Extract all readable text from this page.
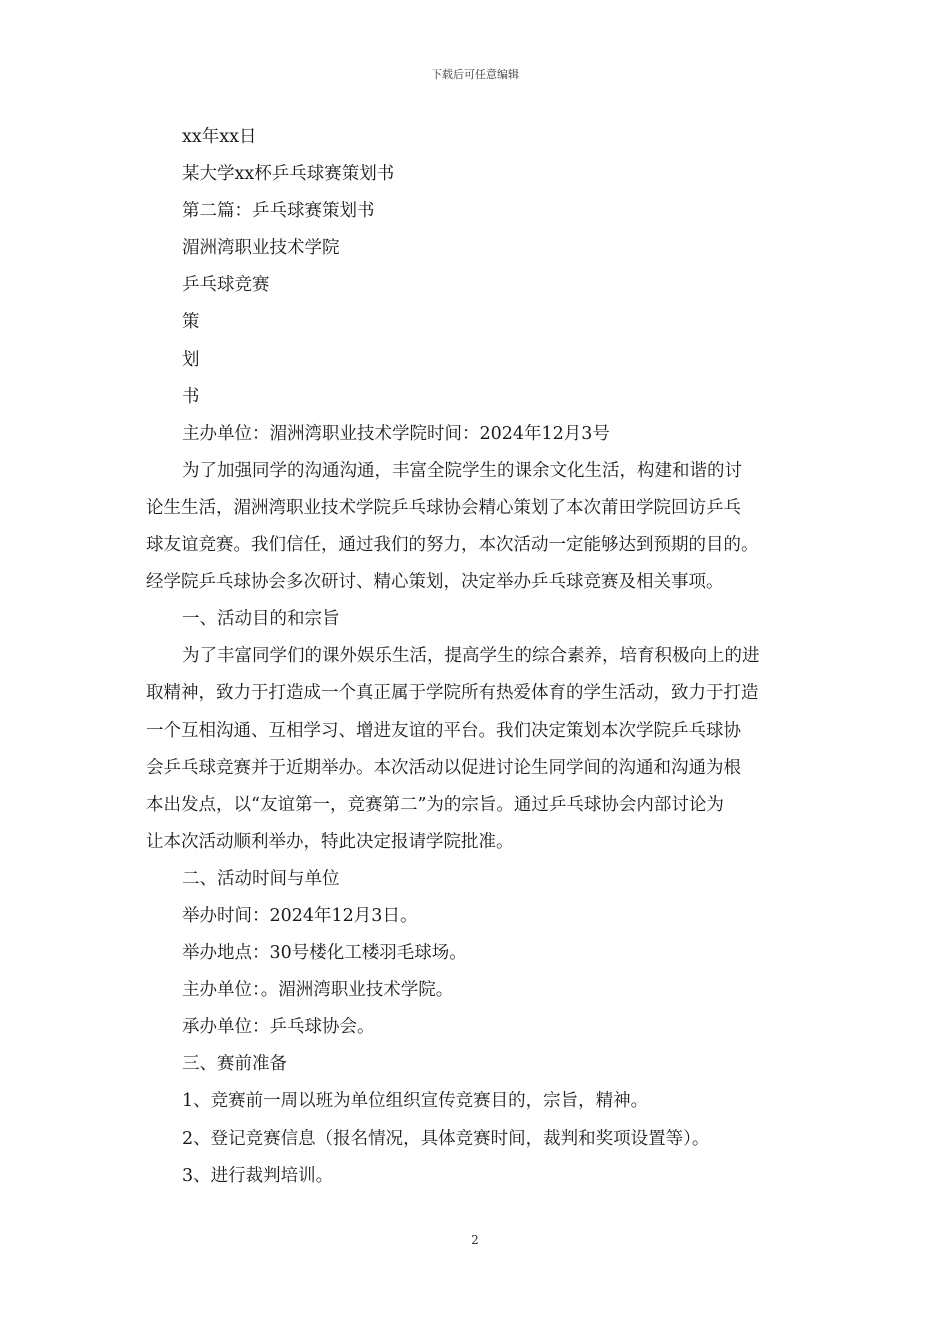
下载后可任意编辑
xx年xx日
某大学xx杯乒乓球赛策划书
第二篇：乒乓球赛策划书
湄洲湾职业技术学院
乒乓球竞赛
策
划
书
主办单位：湄洲湾职业技术学院时间：2024年12月3号

为了加强同学的沟通沟通，丰富全院学生的课余文化生活，构建和谐的讨

论生生活，湄洲湾职业技术学院乒乓球协会精心策划了本次莆田学院回访乒乓

球友谊竞赛。我们信任，通过我们的努力，本次活动一定能够达到预期的目的。

经学院乒乓球协会多次研讨、精心策划，决定举办乒乓球竞赛及相关事项。

一、活动目的和宗旨

为了丰富同学们的课外娱乐生活，提高学生的综合素养，培育积极向上的进

取精神，致力于打造成一个真正属于学院所有热爱体育的学生活动，致力于打造

一个互相沟通、互相学习、增进友谊的平台。我们决定策划本次学院乒乓球协

会乒乓球竞赛并于近期举办。本次活动以促进讨论生同学间的沟通和沟通为根

本出发点，以“友谊第一，竞赛第二”为的宗旨。通过乒乓球协会内部讨论为

让本次活动顺利举办，特此决定报请学院批准。

二、活动时间与单位
举办时间：2024年12月3日。
举办地点：30号楼化工楼羽毛球场。
主办单位：。湄洲湾职业技术学院。
承办单位：乒乓球协会。
三、赛前准备
1、竞赛前一周以班为单位组织宣传竞赛目的，宗旨，精神。
2、登记竞赛信息（报名情况，具体竞赛时间，裁判和奖项设置等）。
3、进行裁判培训。
2
